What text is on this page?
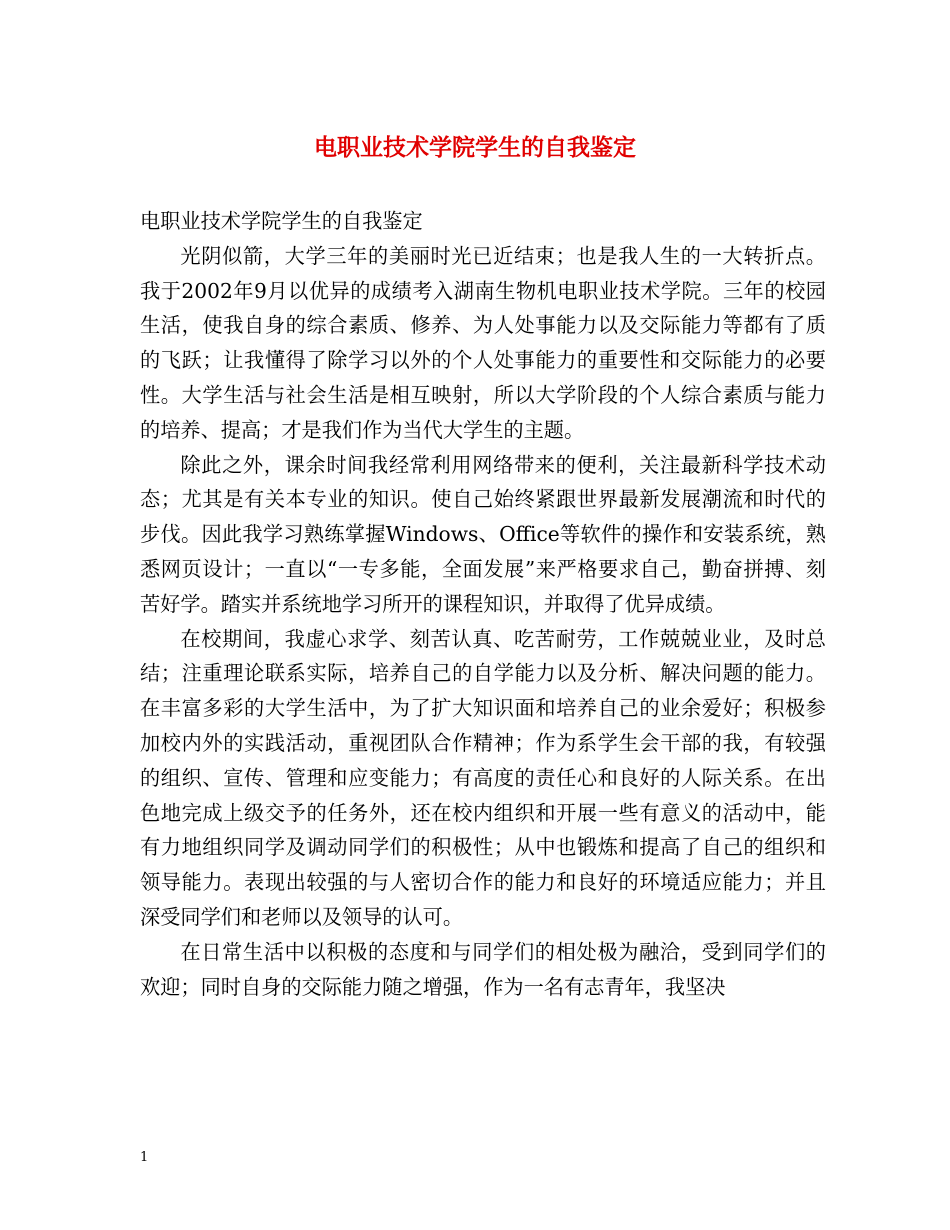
电职业技术学院学生的自我鉴定

电职业技术学院学生的自我鉴定

光阴似箭，大学三年的美丽时光已近结束；也是我人生的一大转折点。我于2002年9月以优异的成绩考入湖南生物机电职业技术学院。三年的校园生活，使我自身的综合素质、修养、为人处事能力以及交际能力等都有了质的飞跃；让我懂得了除学习以外的个人处事能力的重要性和交际能力的必要性。大学生活与社会生活是相互映射，所以大学阶段的个人综合素质与能力的培养、提高；才是我们作为当代大学生的主题。

除此之外，课余时间我经常利用网络带来的便利，关注最新科学技术动态；尤其是有关本专业的知识。使自己始终紧跟世界最新发展潮流和时代的步伐。因此我学习熟练掌握Windows、Office等软件的操作和安装系统，熟悉网页设计；一直以“一专多能，全面发展”来严格要求自己，勤奋拼搏、刻苦好学。踏实并系统地学习所开的课程知识，并取得了优异成绩。

在校期间，我虚心求学、刻苦认真、吃苦耐劳，工作兢兢业业，及时总结；注重理论联系实际，培养自己的自学能力以及分析、解决问题的能力。在丰富多彩的大学生活中，为了扩大知识面和培养自己的业余爱好；积极参加校内外的实践活动，重视团队合作精神；作为系学生会干部的我，有较强的组织、宣传、管理和应变能力；有高度的责任心和良好的人际关系。在出色地完成上级交予的任务外，还在校内组织和开展一些有意义的活动中，能有力地组织同学及调动同学们的积极性；从中也锻炼和提高了自己的组织和领导能力。表现出较强的与人密切合作的能力和良好的环境适应能力；并且深受同学们和老师以及领导的认可。

在日常生活中以积极的态度和与同学们的相处极为融洽，受到同学们的欢迎；同时自身的交际能力随之增强，作为一名有志青年，我坚决

1
